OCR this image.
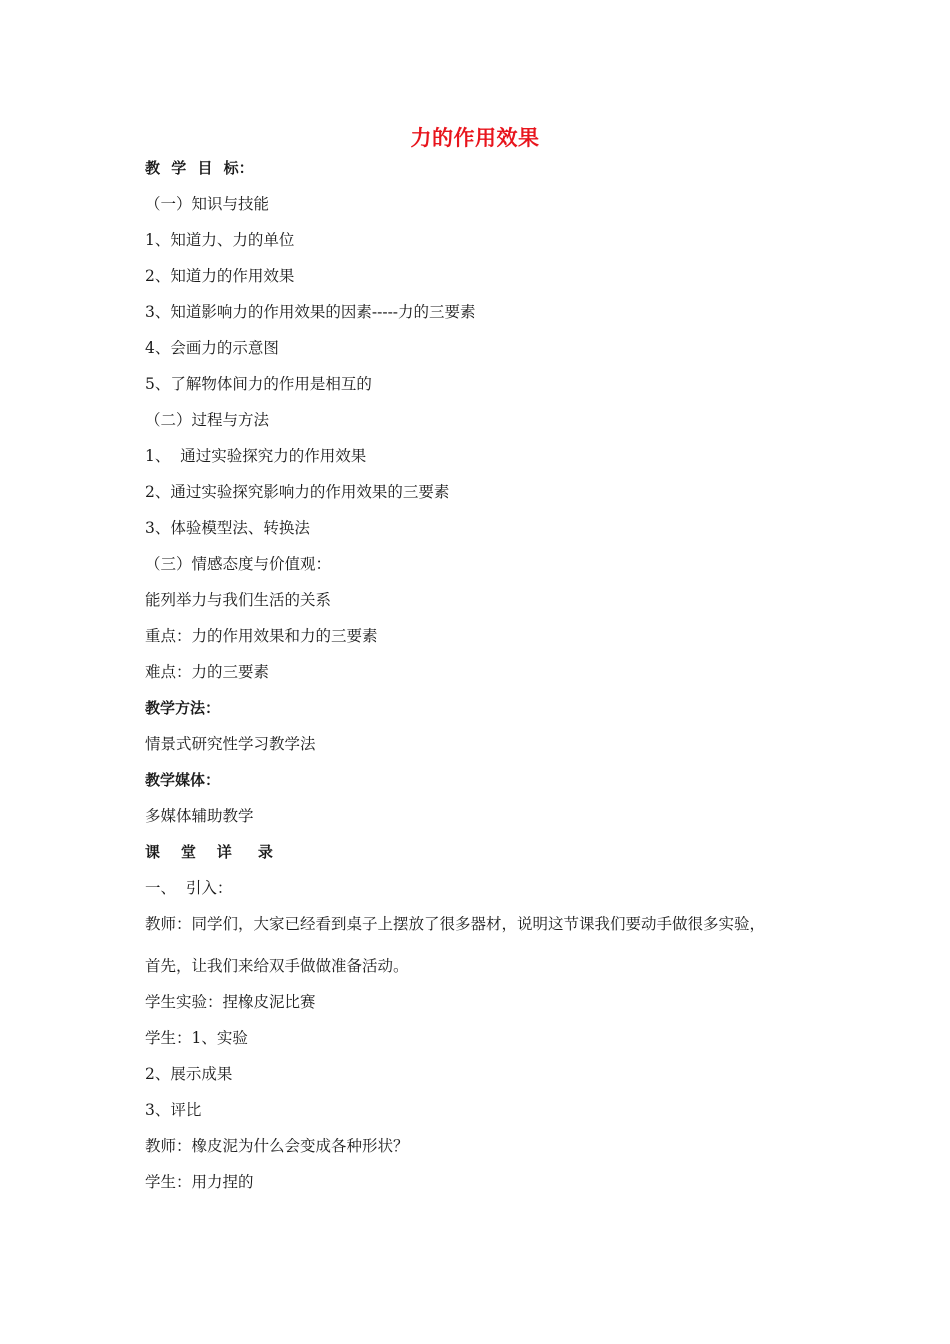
力的作用效果
教 学 目 标：
（一）知识与技能
1、知道力、力的单位
2、知道力的作用效果
3、知道影响力的作用效果的因素-----力的三要素
4、会画力的示意图
5、了解物体间力的作用是相互的
（二）过程与方法
1、  通过实验探究力的作用效果
2、通过实验探究影响力的作用效果的三要素
3、体验模型法、转换法
（三）情感态度与价值观：
能列举力与我们生活的关系
重点：力的作用效果和力的三要素
难点：力的三要素
教学方法：
情景式研究性学习教学法
教学媒体：
多媒体辅助教学
课    堂    详     录
一、  引入：
教师：同学们，大家已经看到桌子上摆放了很多器材，说明这节课我们要动手做很多实验，
首先，让我们来给双手做做准备活动。
学生实验：捏橡皮泥比赛
学生：1、实验
2、展示成果
3、评比
教师：橡皮泥为什么会变成各种形状？
学生：用力捏的
